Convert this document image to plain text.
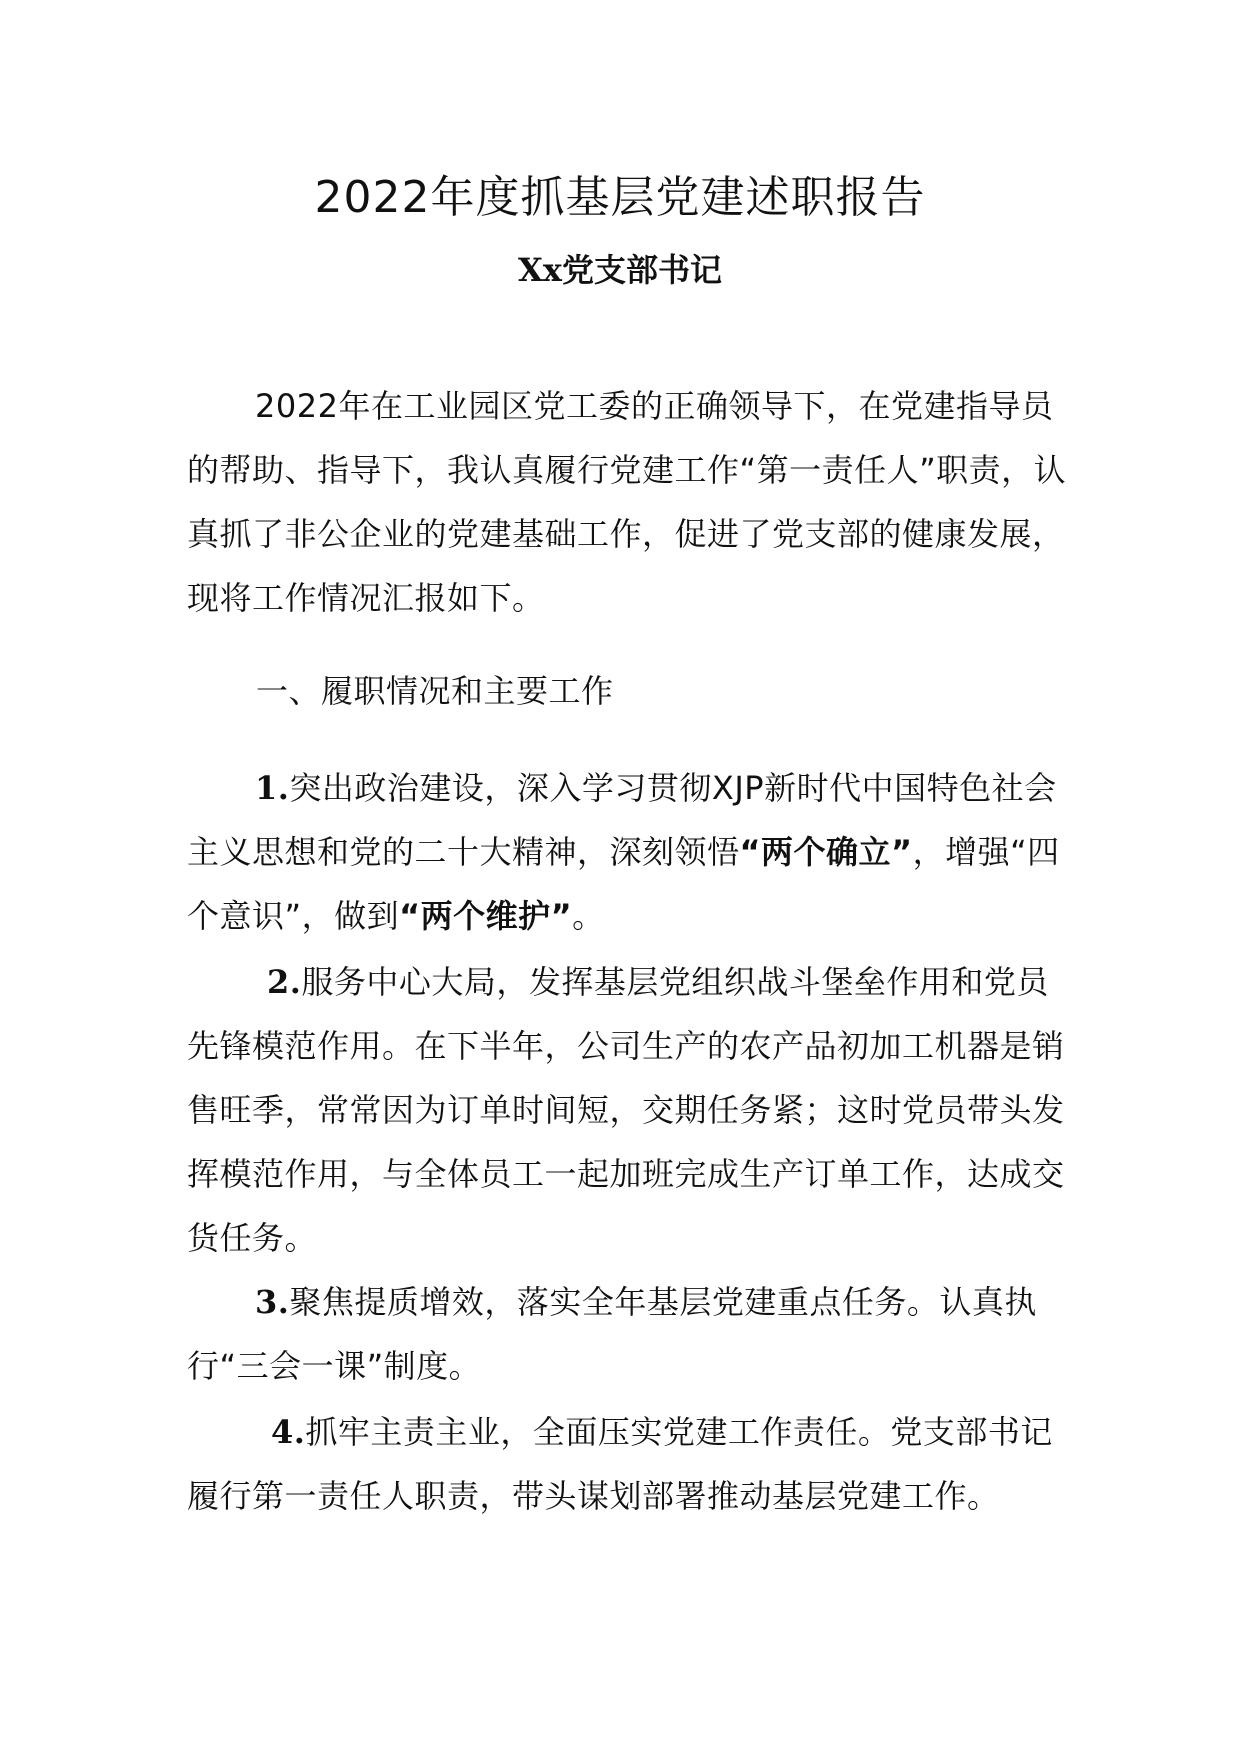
2022年度抓基层党建述职报告
Xx党支部书记

2022年在工业园区党工委的正确领导下，在党建指导员的帮助、指导下，我认真履行党建工作“第一责任人”职责，认真抓了非公企业的党建基础工作，促进了党支部的健康发展，现将工作情况汇报如下。

一、履职情况和主要工作

1.突出政治建设，深入学习贯彻XJP新时代中国特色社会主义思想和党的二十大精神，深刻领悟“两个确立”，增强“四个意识”，做到“两个维护”。

2.服务中心大局，发挥基层党组织战斗堡垒作用和党员先锋模范作用。在下半年，公司生产的农产品初加工机器是销售旺季，常常因为订单时间短，交期任务紧；这时党员带头发挥模范作用，与全体员工一起加班完成生产订单工作，达成交货任务。

3.聚焦提质增效，落实全年基层党建重点任务。认真执行“三会一课”制度。

4.抓牢主责主业，全面压实党建工作责任。党支部书记履行第一责任人职责，带头谋划部署推动基层党建工作。
